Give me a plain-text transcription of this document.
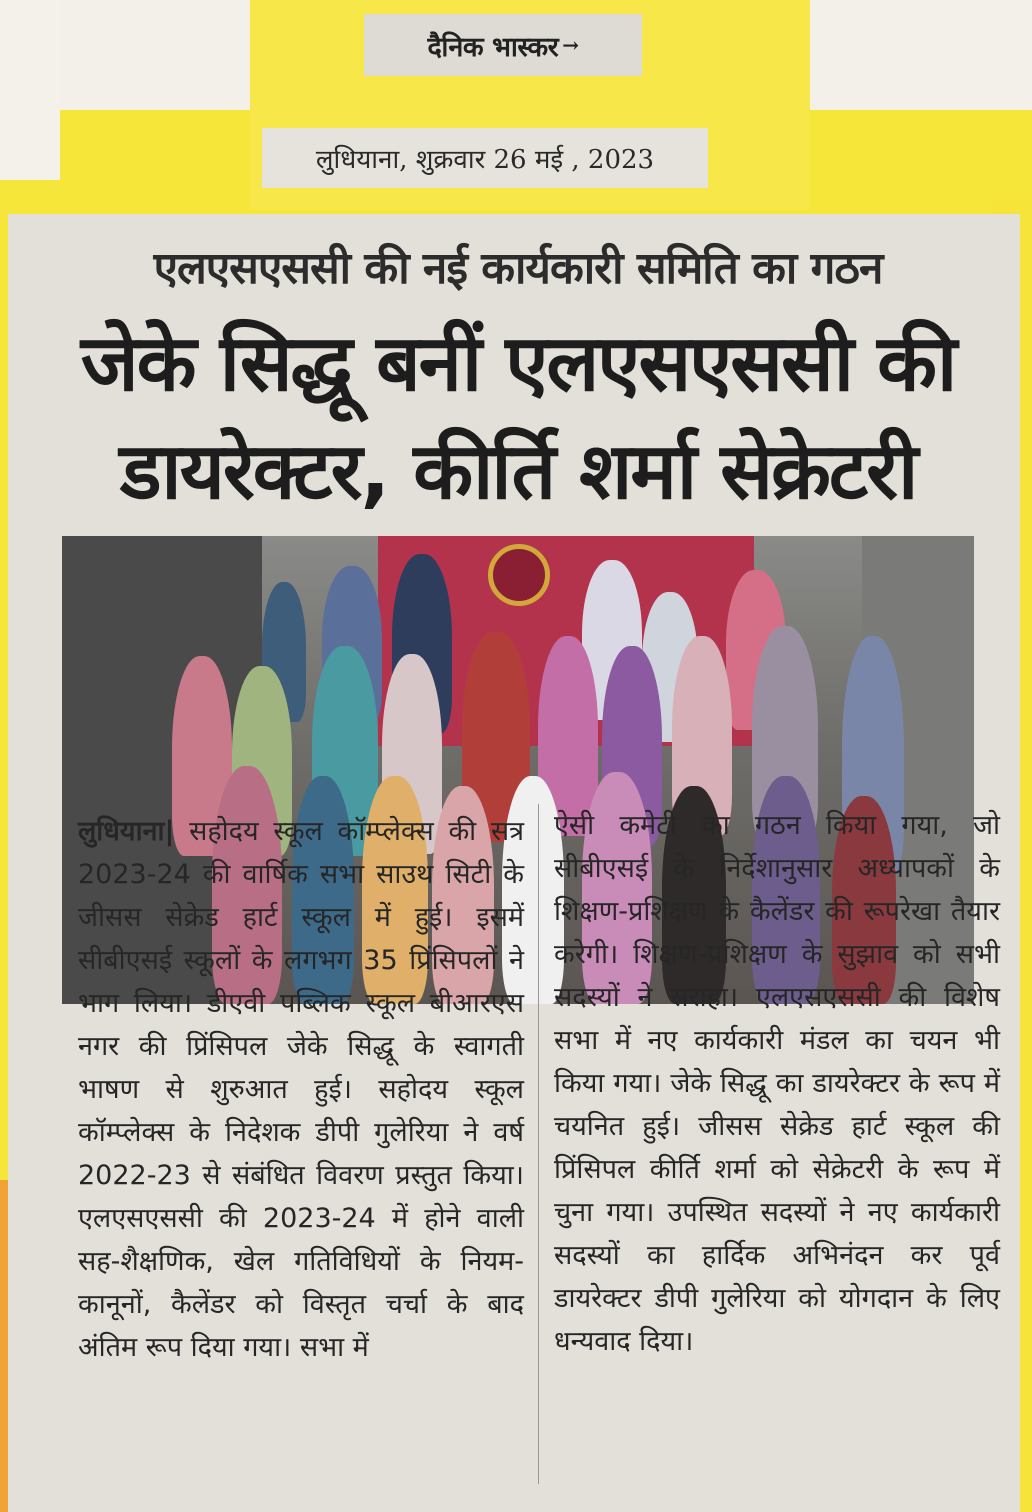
दैनिक भास्कर →
लुधियाना, शुक्रवार 26 मई , 2023
एलएसएससी की नई कार्यकारी समिति का गठन
जेके सिद्धू बनीं एलएसएससी की डायरेक्टर, कीर्ति शर्मा सेक्रेटरी

लुधियाना| सहोदय स्कूल कॉम्प्लेक्स की सत्र 2023-24 की वार्षिक सभा साउथ सिटी के जीसस सेक्रेड हार्ट स्कूल में हुई। इसमें सीबीएसई स्कूलों के लगभग 35 प्रिंसिपलों ने भाग लिया। डीएवी पब्लिक स्कूल बीआरएस नगर की प्रिंसिपल जेके सिद्धू के स्वागती भाषण से शुरुआत हुई। सहोदय स्कूल कॉम्प्लेक्स के निदेशक डीपी गुलेरिया ने वर्ष 2022-23 से संबंधित विवरण प्रस्तुत किया। एलएसएससी की 2023-24 में होने वाली सह-शैक्षणिक, खेल गतिविधियों के नियम-कानूनों, कैलेंडर को विस्तृत चर्चा के बाद अंतिम रूप दिया गया। सभा में

ऐसी कमेटी का गठन किया गया, जो सीबीएसई के निर्देशानुसार अध्यापकों के शिक्षण-प्रशिक्षण के कैलेंडर की रूपरेखा तैयार करेगी। शिक्षण-प्रशिक्षण के सुझाव को सभी सदस्यों ने सराहा। एलएसएससी की विशेष सभा में नए कार्यकारी मंडल का चयन भी किया गया। जेके सिद्धू का डायरेक्टर के रूप में चयनित हुई। जीसस सेक्रेड हार्ट स्कूल की प्रिंसिपल कीर्ति शर्मा को सेक्रेटरी के रूप में चुना गया। उपस्थित सदस्यों ने नए कार्यकारी सदस्यों का हार्दिक अभिनंदन कर पूर्व डायरेक्टर डीपी गुलेरिया को योगदान के लिए धन्यवाद दिया।
